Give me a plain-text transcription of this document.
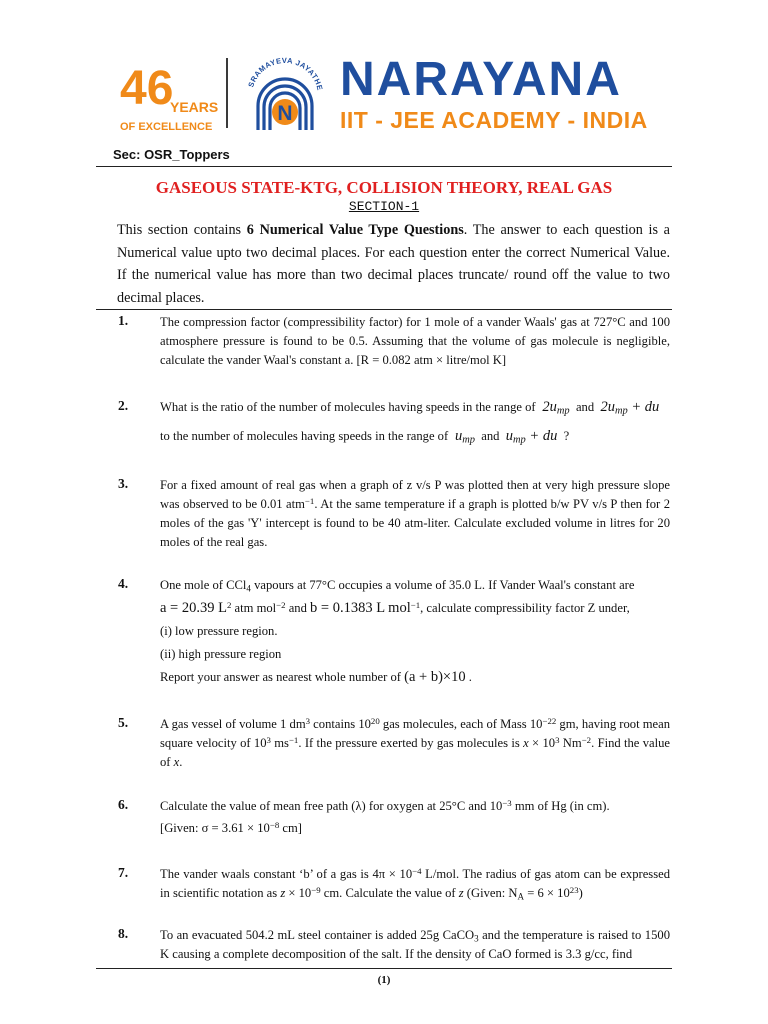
46
YEARS
OF EXCELLENCE
SRAMAYEVA JAYATHE
N
NARAYANA
IIT - JEE ACADEMY - INDIA
Sec: OSR_Toppers
GASEOUS STATE-KTG, COLLISION THEORY, REAL GAS
SECTION-1
This section contains 6 Numerical Value Type Questions. The answer to each question is a Numerical value upto two decimal places. For each question enter the correct Numerical Value. If the numerical value has more than two decimal places truncate/ round off the value to two decimal places.
1.	The compression factor (compressibility factor) for 1 mole of a vander Waals' gas at 727°C and 100 atmosphere pressure is found to be 0.5. Assuming that the volume of gas molecule is negligible, calculate the vander Waal's constant a. [R = 0.082 atm × litre/mol K]
2.	What is the ratio of the number of molecules having speeds in the range of  $2u_{mp}$ and $2u_{mp}$ + du
to the number of molecules having speeds in the range of  $u_{mp}$ and $u_{mp}$ + du ?
3.	For a fixed amount of real gas when a graph of z v/s P was plotted then at very high pressure slope was observed to be 0.01 atm$^{-1}$. At the same temperature if a graph is plotted b/w PV v/s P then for 2 moles of the gas 'Y' intercept is found to be 40 atm-liter. Calculate excluded volume in litres for 20 moles of the real gas.
4.	One mole of CCl$_4$ vapours at 77°C occupies a volume of 35.0 L. If Vander Waal's constant are
a = 20.39 $L^2$ atm mol$^{-2}$ and b = 0.1383 L mol$^{-1}$, calculate compressibility factor Z under,
(i) low pressure region.
(ii) high pressure region
Report your answer as nearest whole number of (a + b)×10 .
5.	A gas vessel of volume 1 $dm^3$ contains $10^{20}$ gas molecules, each of Mass $10^{-22}$ gm, having root mean square velocity of $10^3$ $ms^{-1}$. If the pressure exerted by gas molecules is $x \times 10^3$ $Nm^{-2}$. Find the value of x.
6.	Calculate the value of mean free path (λ) for oxygen at 25°C and $10^{-3}$ mm of Hg (in cm).
[Given: $\sigma = 3.61 \times 10^{-8}$ cm]
7.	The vander waals constant ‘b’ of a gas is $4\pi \times 10^{-4}$ L/mol. The radius of gas atom can be expressed in scientific notation as $z \times 10^{-9}$ cm. Calculate the value of z (Given: $N_A = 6 \times 10^{23}$)
8.	To an evacuated 504.2 mL steel container is added 25g CaCO$_3$ and the temperature is raised to 1500 K causing a complete decomposition of the salt. If the density of CaO formed is 3.3 g/cc, find
(1)
